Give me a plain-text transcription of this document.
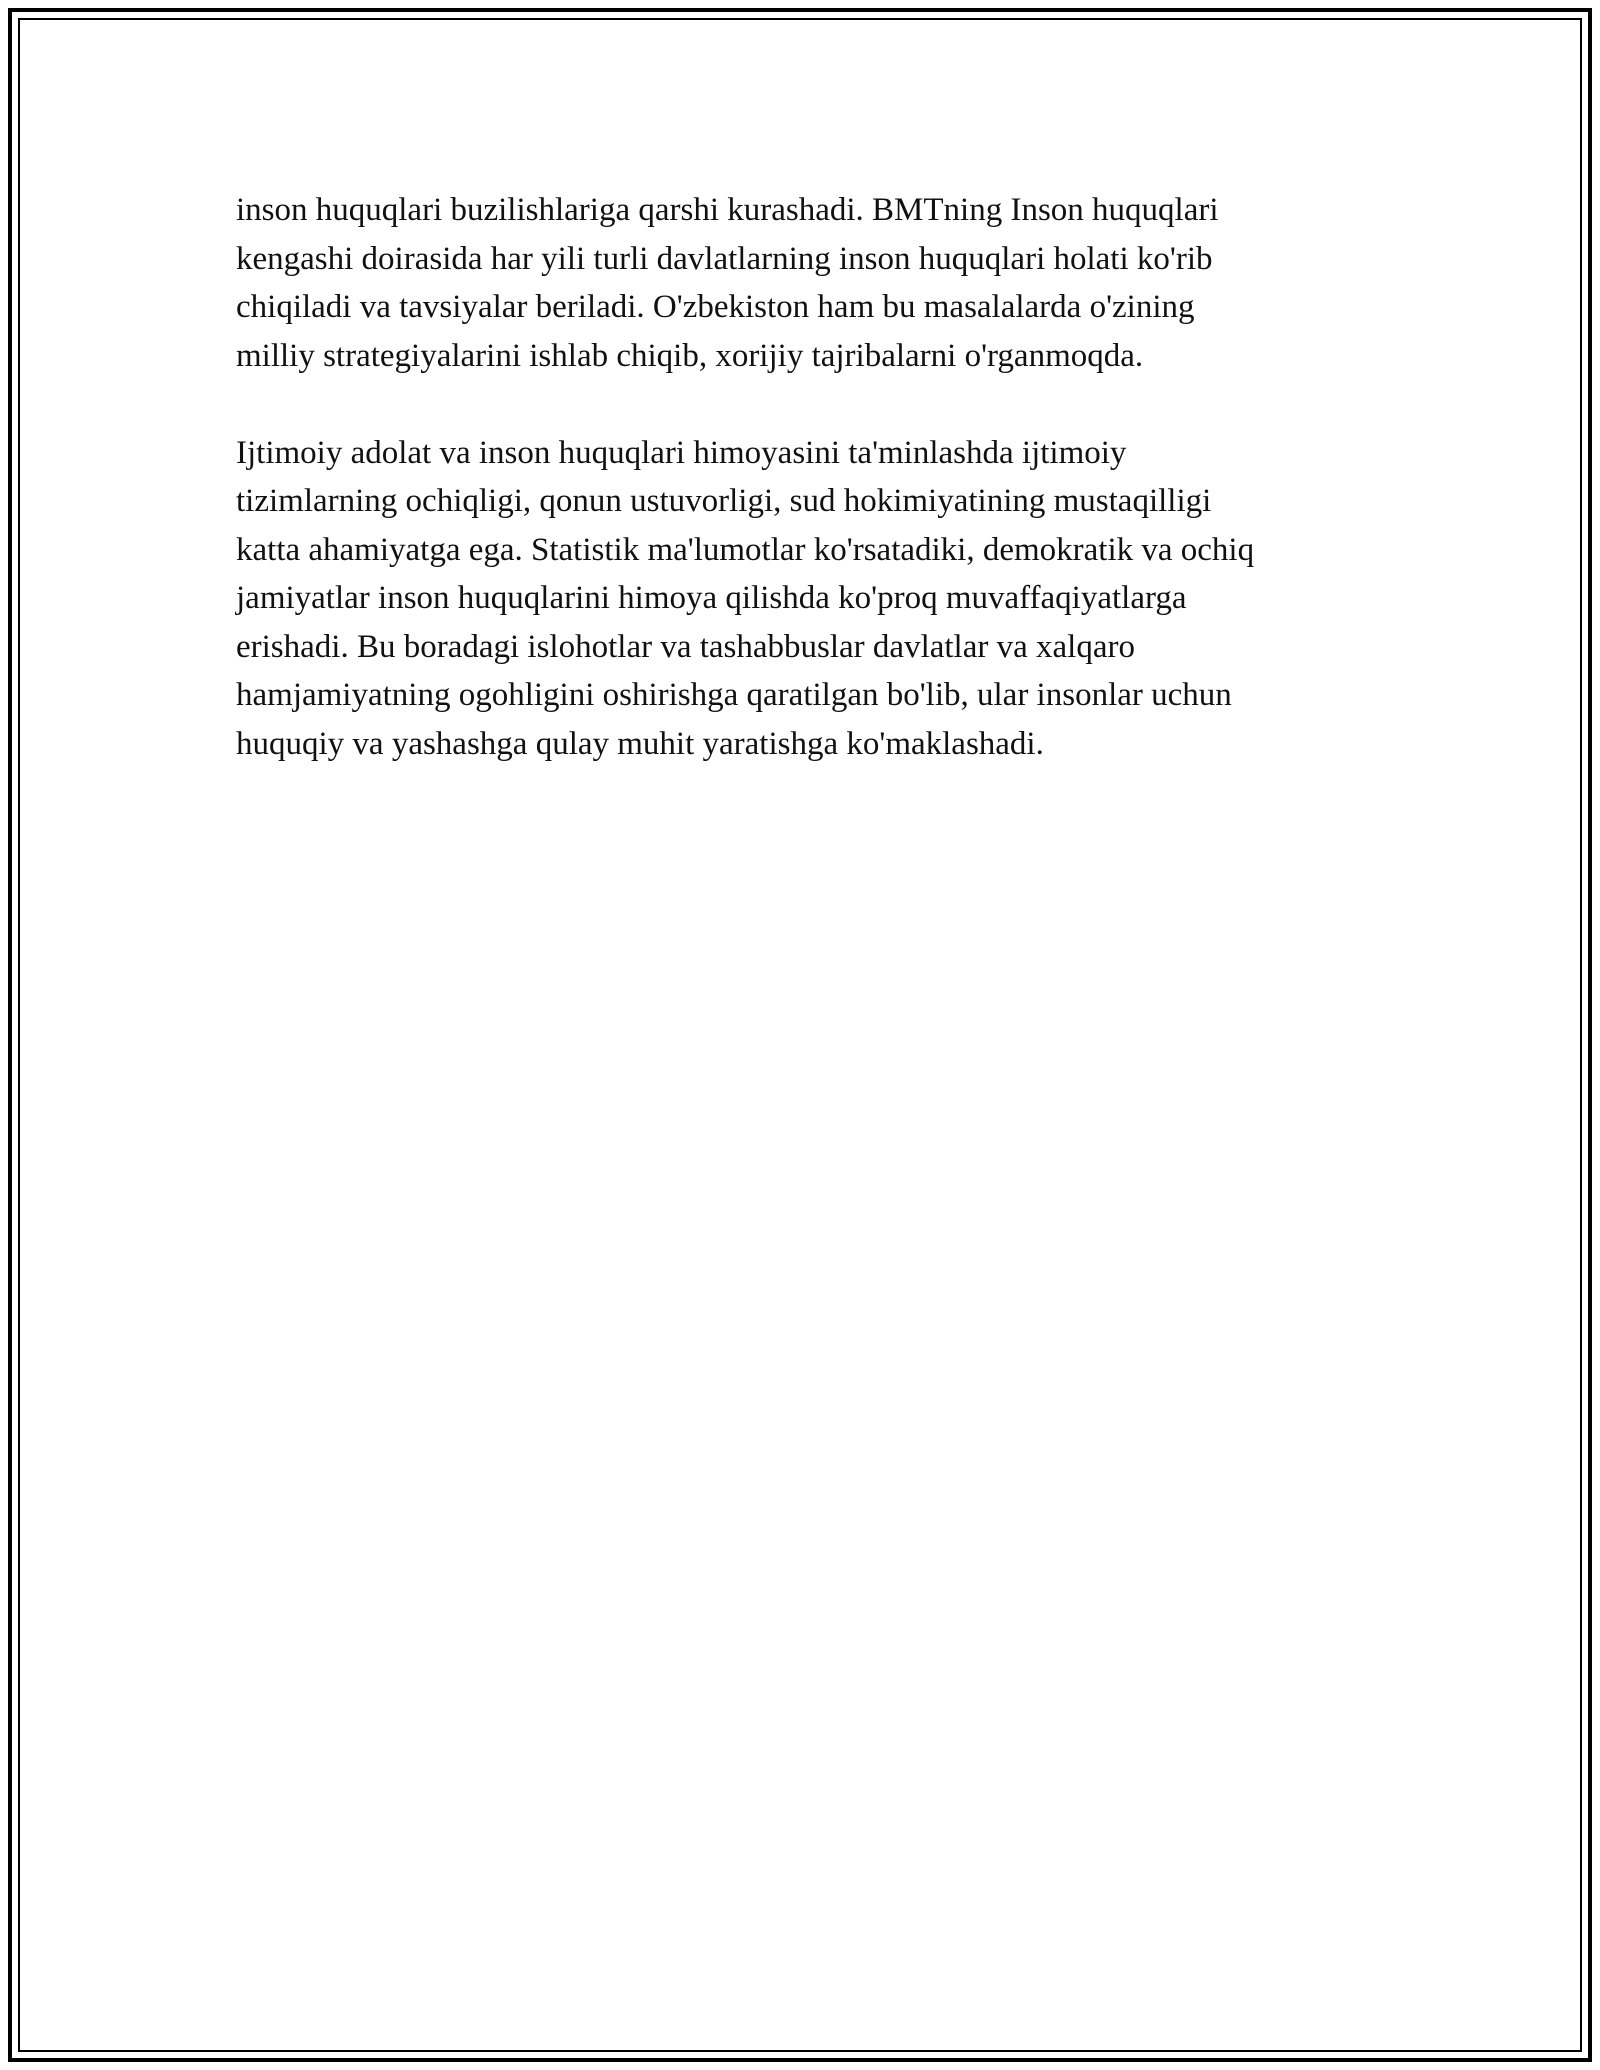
inson huquqlari buzilishlariga qarshi kurashadi. BMTning Inson huquqlari
kengashi doirasida har yili turli davlatlarning inson huquqlari holati ko'rib
chiqiladi va tavsiyalar beriladi. O'zbekiston ham bu masalalarda o'zining
milliy strategiyalarini ishlab chiqib, xorijiy tajribalarni o'rganmoqda.

Ijtimoiy adolat va inson huquqlari himoyasini ta'minlashda ijtimoiy
tizimlarning ochiqligi, qonun ustuvorligi, sud hokimiyatining mustaqilligi
katta ahamiyatga ega. Statistik ma'lumotlar ko'rsatadiki, demokratik va ochiq
jamiyatlar inson huquqlarini himoya qilishda ko'proq muvaffaqiyatlarga
erishadi. Bu boradagi islohotlar va tashabbuslar davlatlar va xalqaro
hamjamiyatning ogohligini oshirishga qaratilgan bo'lib, ular insonlar uchun
huquqiy va yashashga qulay muhit yaratishga ko'maklashadi.
